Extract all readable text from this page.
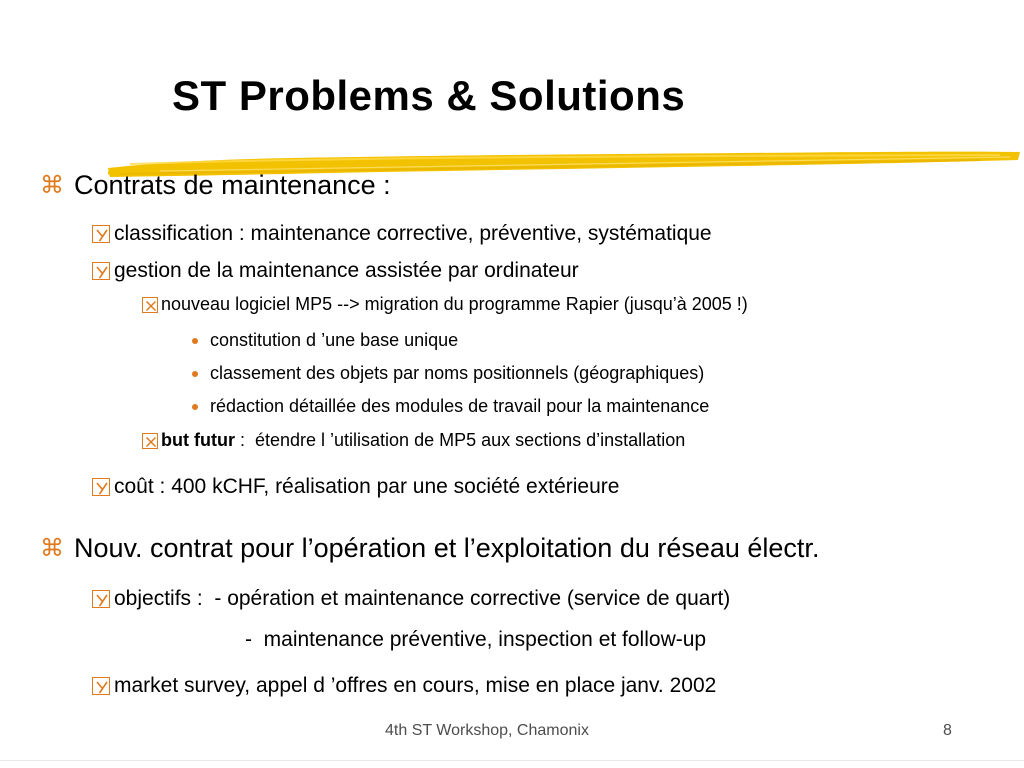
ST Problems & Solutions
⌘ Contrats de maintenance :
classification : maintenance corrective, préventive, systématique
gestion de la maintenance assistée par ordinateur
nouveau logiciel MP5 --> migration du programme Rapier (jusqu’à 2005 !)
constitution d ’une base unique
classement des objets par noms positionnels (géographiques)
rédaction détaillée des modules de travail pour la maintenance
but futur :  étendre l ’utilisation de MP5 aux sections d’installation
coût : 400 kCHF, réalisation par une société extérieure
⌘ Nouv. contrat pour l’opération et l’exploitation du réseau électr.
objectifs :  - opération et maintenance corrective (service de quart)
-  maintenance préventive, inspection et follow-up
market survey, appel d ’offres en cours, mise en place janv. 2002
4th ST Workshop, Chamonix	8
